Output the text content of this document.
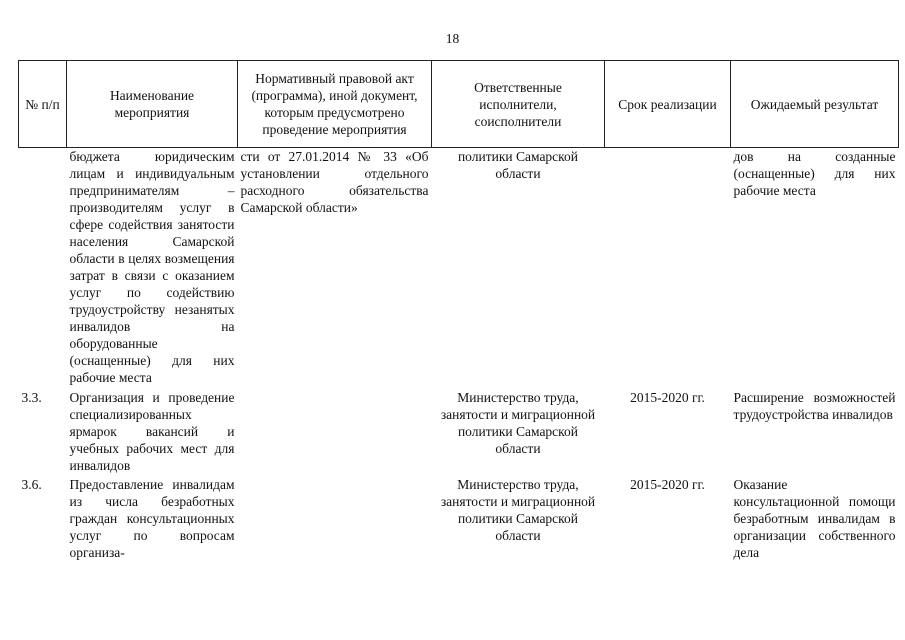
18
№ п/п	Наименование мероприятия	Нормативный правовой акт (программа), иной документ, которым предусмотрено проведение мероприятия	Ответственные исполнители, соисполнители	Срок реализации	Ожидаемый результат
	бюджета юридическим лицам и индивидуальным предпринимателям – производителям услуг в сфере содействия занятости населения Самарской области в целях возмещения затрат в связи с оказанием услуг по содействию трудоустройству незанятых инвалидов на оборудованные (оснащенные) для них рабочие места	сти от 27.01.2014 № 33 «Об установлении отдельного расходного обязательства Самарской области»	политики Самарской области		дов на созданные (оснащенные) для них рабочие места
3.3.	Организация и проведение специализированных ярмарок вакансий и учебных рабочих мест для инвалидов		Министерство труда, занятости и миграционной политики Самарской области	2015-2020 гг.	Расширение возможностей трудоустройства инвалидов
3.6.	Предоставление инвалидам из числа безработных граждан консультационных услуг по вопросам организа-		Министерство труда, занятости и миграционной политики Самарской области	2015-2020 гг.	Оказание консультационной помощи безработным инвалидам в организации собственного дела
